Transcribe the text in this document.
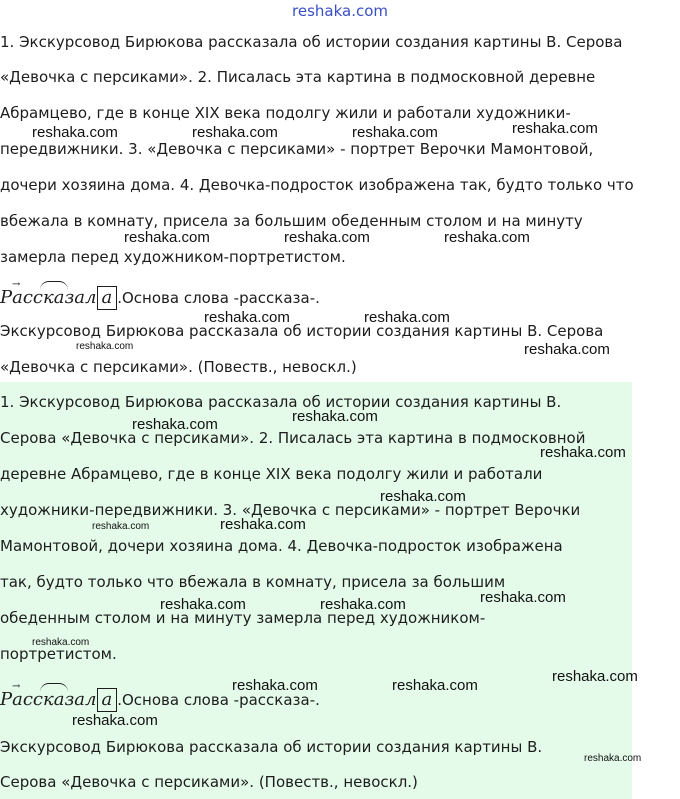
reshaka.com

1. Экскурсовод Бирюкова рассказала об истории создания картины В. Серова

«Девочка с персиками». 2. Писалась эта картина в подмосковной деревне

Абрамцево, где в конце XIX века подолгу жили и работали художники-

передвижники. 3. «Девочка с персиками» - портрет Верочки Мамонтовой,

дочери хозяина дома. 4. Девочка-подросток изображена так, будто только что

вбежала в комнату, присела за большим обеденным столом и на минуту

замерла перед художником-портретистом.

→
Рассказал а .Основа слова -рассказа-.

Экскурсовод Бирюкова рассказала об истории создания картины В. Серова

«Девочка с персиками». (Повеств., невоскл.)

1. Экскурсовод Бирюкова рассказала об истории создания картины В.

Серова «Девочка с персиками». 2. Писалась эта картина в подмосковной

деревне Абрамцево, где в конце XIX века подолгу жили и работали

художники-передвижники. 3. «Девочка с персиками» - портрет Верочки

Мамонтовой, дочери хозяина дома. 4. Девочка-подросток изображена

так, будто только что вбежала в комнату, присела за большим

обеденным столом и на минуту замерла перед художником-

портретистом.

→
Рассказал а .Основа слова -рассказа-.

Экскурсовод Бирюкова рассказала об истории создания картины В.

Серова «Девочка с персиками». (Повеств., невоскл.)

reshaka.com	reshaka.com	reshaka.com	reshaka.com
reshaka.com	reshaka.com	reshaka.com
reshaka.com	reshaka.com
reshaka.com	reshaka.com
reshaka.com
reshaka.com
reshaka.com
reshaka.com
reshaka.com	reshaka.com
reshaka.com
reshaka.com	reshaka.com
reshaka.com
reshaka.com
reshaka.com	reshaka.com
reshaka.com
reshaka.com
